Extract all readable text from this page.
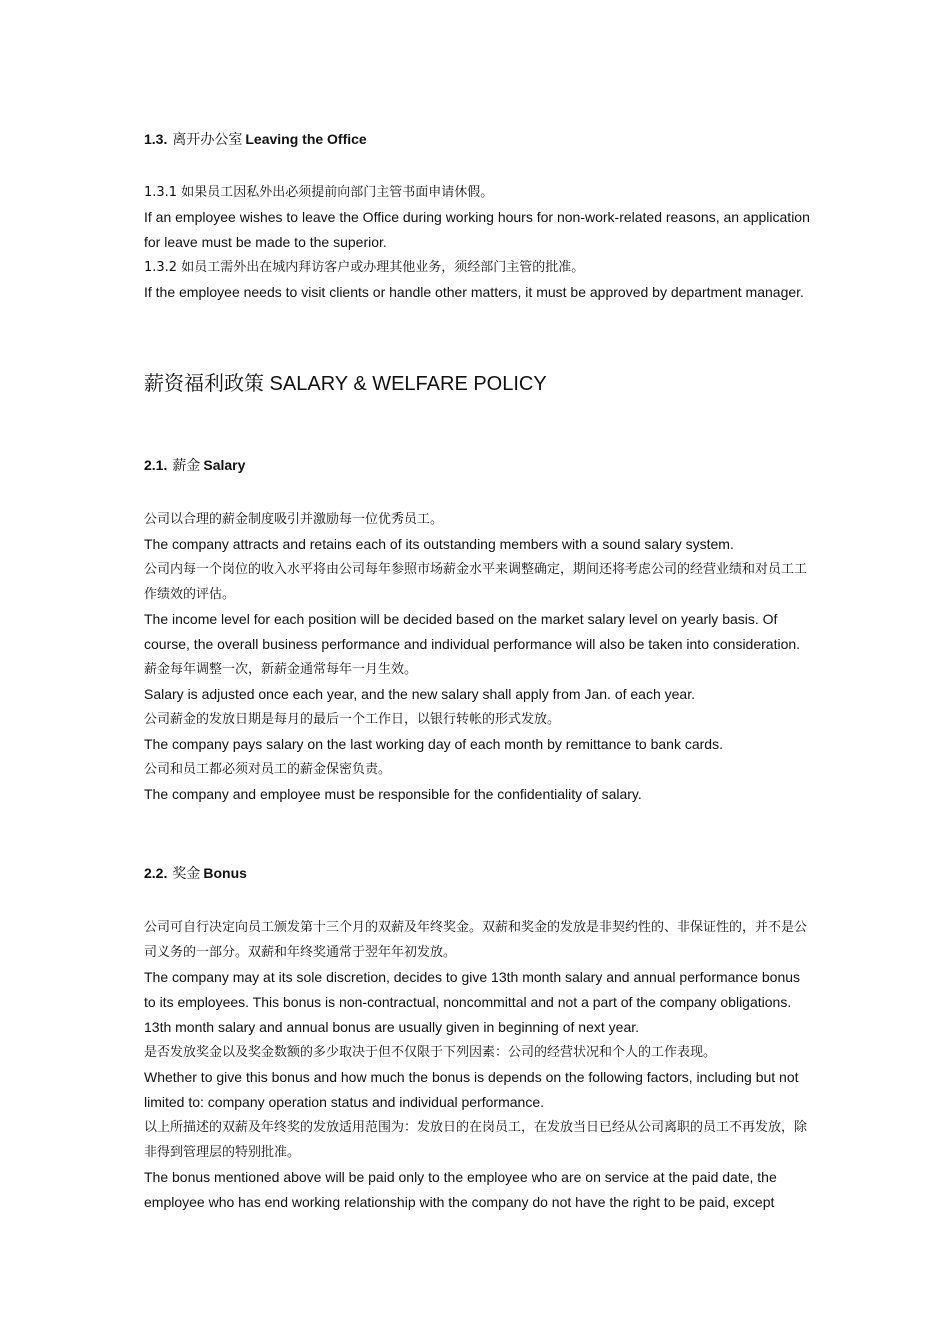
1.3. 离开办公室 Leaving the Office

1.3.1 如果员工因私外出必须提前向部门主管书面申请休假。

If an employee wishes to leave the Office during working hours for non-work-related reasons, an application for leave must be made to the superior.

1.3.2 如员工需外出在城内拜访客户或办理其他业务，须经部门主管的批准。

If the employee needs to visit clients or handle other matters, it must be approved by department manager.

薪资福利政策 SALARY & WELFARE POLICY
2.1. 薪金 Salary

公司以合理的薪金制度吸引并激励每一位优秀员工。

The company attracts and retains each of its outstanding members with a sound salary system.

公司内每一个岗位的收入水平将由公司每年参照市场薪金水平来调整确定，期间还将考虑公司的经营业绩和对员工工作绩效的评估。

The income level for each position will be decided based on the market salary level on yearly basis. Of course, the overall business performance and individual performance will also be taken into consideration.

薪金每年调整一次，新薪金通常每年一月生效。

Salary is adjusted once each year, and the new salary shall apply from Jan. of each year.

公司薪金的发放日期是每月的最后一个工作日，以银行转帐的形式发放。

The company pays salary on the last working day of each month by remittance to bank cards.

公司和员工都必须对员工的薪金保密负责。

The company and employee must be responsible for the confidentiality of salary.

2.2. 奖金 Bonus

公司可自行决定向员工颁发第十三个月的双薪及年终奖金。双薪和奖金的发放是非契约性的、非保证性的，并不是公司义务的一部分。双薪和年终奖通常于翌年年初发放。

The company may at its sole discretion, decides to give 13th month salary and annual performance bonus to its employees. This bonus is non-contractual, noncommittal and not a part of the company obligations. 13th month salary and annual bonus are usually given in beginning of next year.

是否发放奖金以及奖金数额的多少取决于但不仅限于下列因素：公司的经营状况和个人的工作表现。

Whether to give this bonus and how much the bonus is depends on the following factors, including but not limited to: company operation status and individual performance.

以上所描述的双薪及年终奖的发放适用范围为：发放日的在岗员工，在发放当日已经从公司离职的员工不再发放，除非得到管理层的特别批准。

The bonus mentioned above will be paid only to the employee who are on service at the paid date, the employee who has end working relationship with the company do not have the right to be paid, except
